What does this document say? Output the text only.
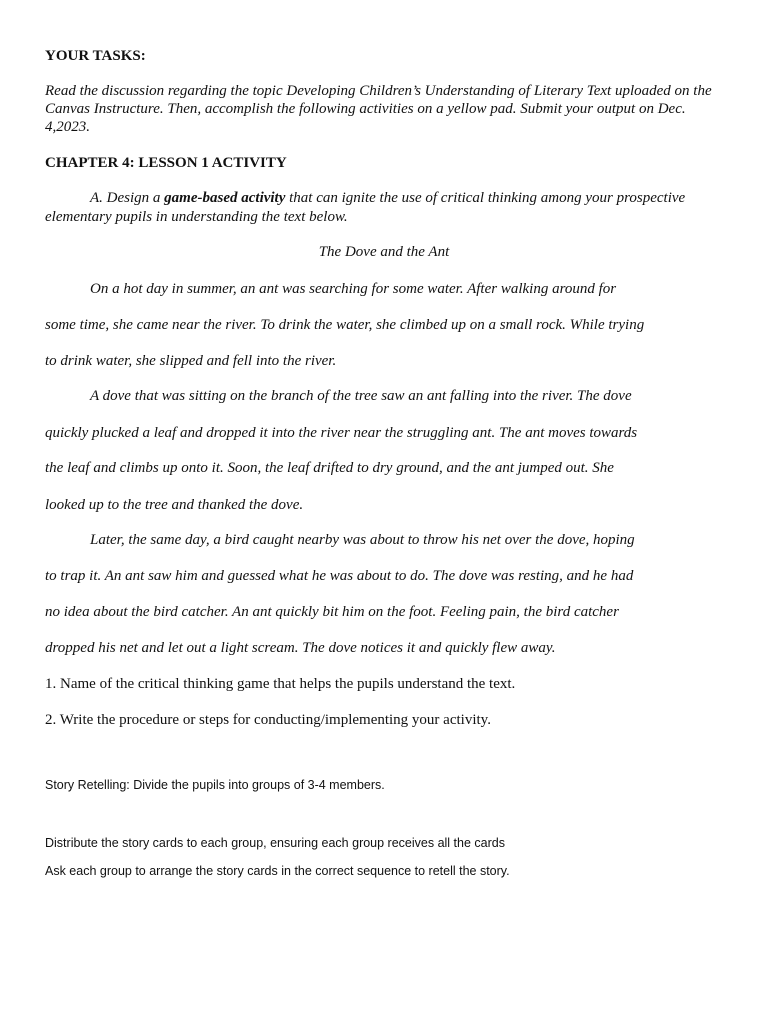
YOUR TASKS:
Read the discussion regarding the topic Developing Children’s Understanding of Literary Text uploaded on the
Canvas Instructure. Then, accomplish the following activities on a yellow pad. Submit your output on Dec.
4,2023.
CHAPTER 4: LESSON 1 ACTIVITY
A. Design a game-based activity that can ignite the use of critical thinking among your prospective
elementary pupils in understanding the text below.
The Dove and the Ant
On a hot day in summer, an ant was searching for some water. After walking around for
some time, she came near the river. To drink the water, she climbed up on a small rock. While trying
to drink water, she slipped and fell into the river.
A dove that was sitting on the branch of the tree saw an ant falling into the river. The dove
quickly plucked a leaf and dropped it into the river near the struggling ant. The ant moves towards
the leaf and climbs up onto it. Soon, the leaf drifted to dry ground, and the ant jumped out. She
looked up to the tree and thanked the dove.
Later, the same day, a bird caught nearby was about to throw his net over the dove, hoping
to trap it. An ant saw him and guessed what he was about to do. The dove was resting, and he had
no idea about the bird catcher. An ant quickly bit him on the foot. Feeling pain, the bird catcher
dropped his net and let out a light scream. The dove notices it and quickly flew away.
1. Name of the critical thinking game that helps the pupils understand the text.
2. Write the procedure or steps for conducting/implementing your activity.
Story Retelling: Divide the pupils into groups of 3-4 members.
Distribute the story cards to each group, ensuring each group receives all the cards
Ask each group to arrange the story cards in the correct sequence to retell the story.
